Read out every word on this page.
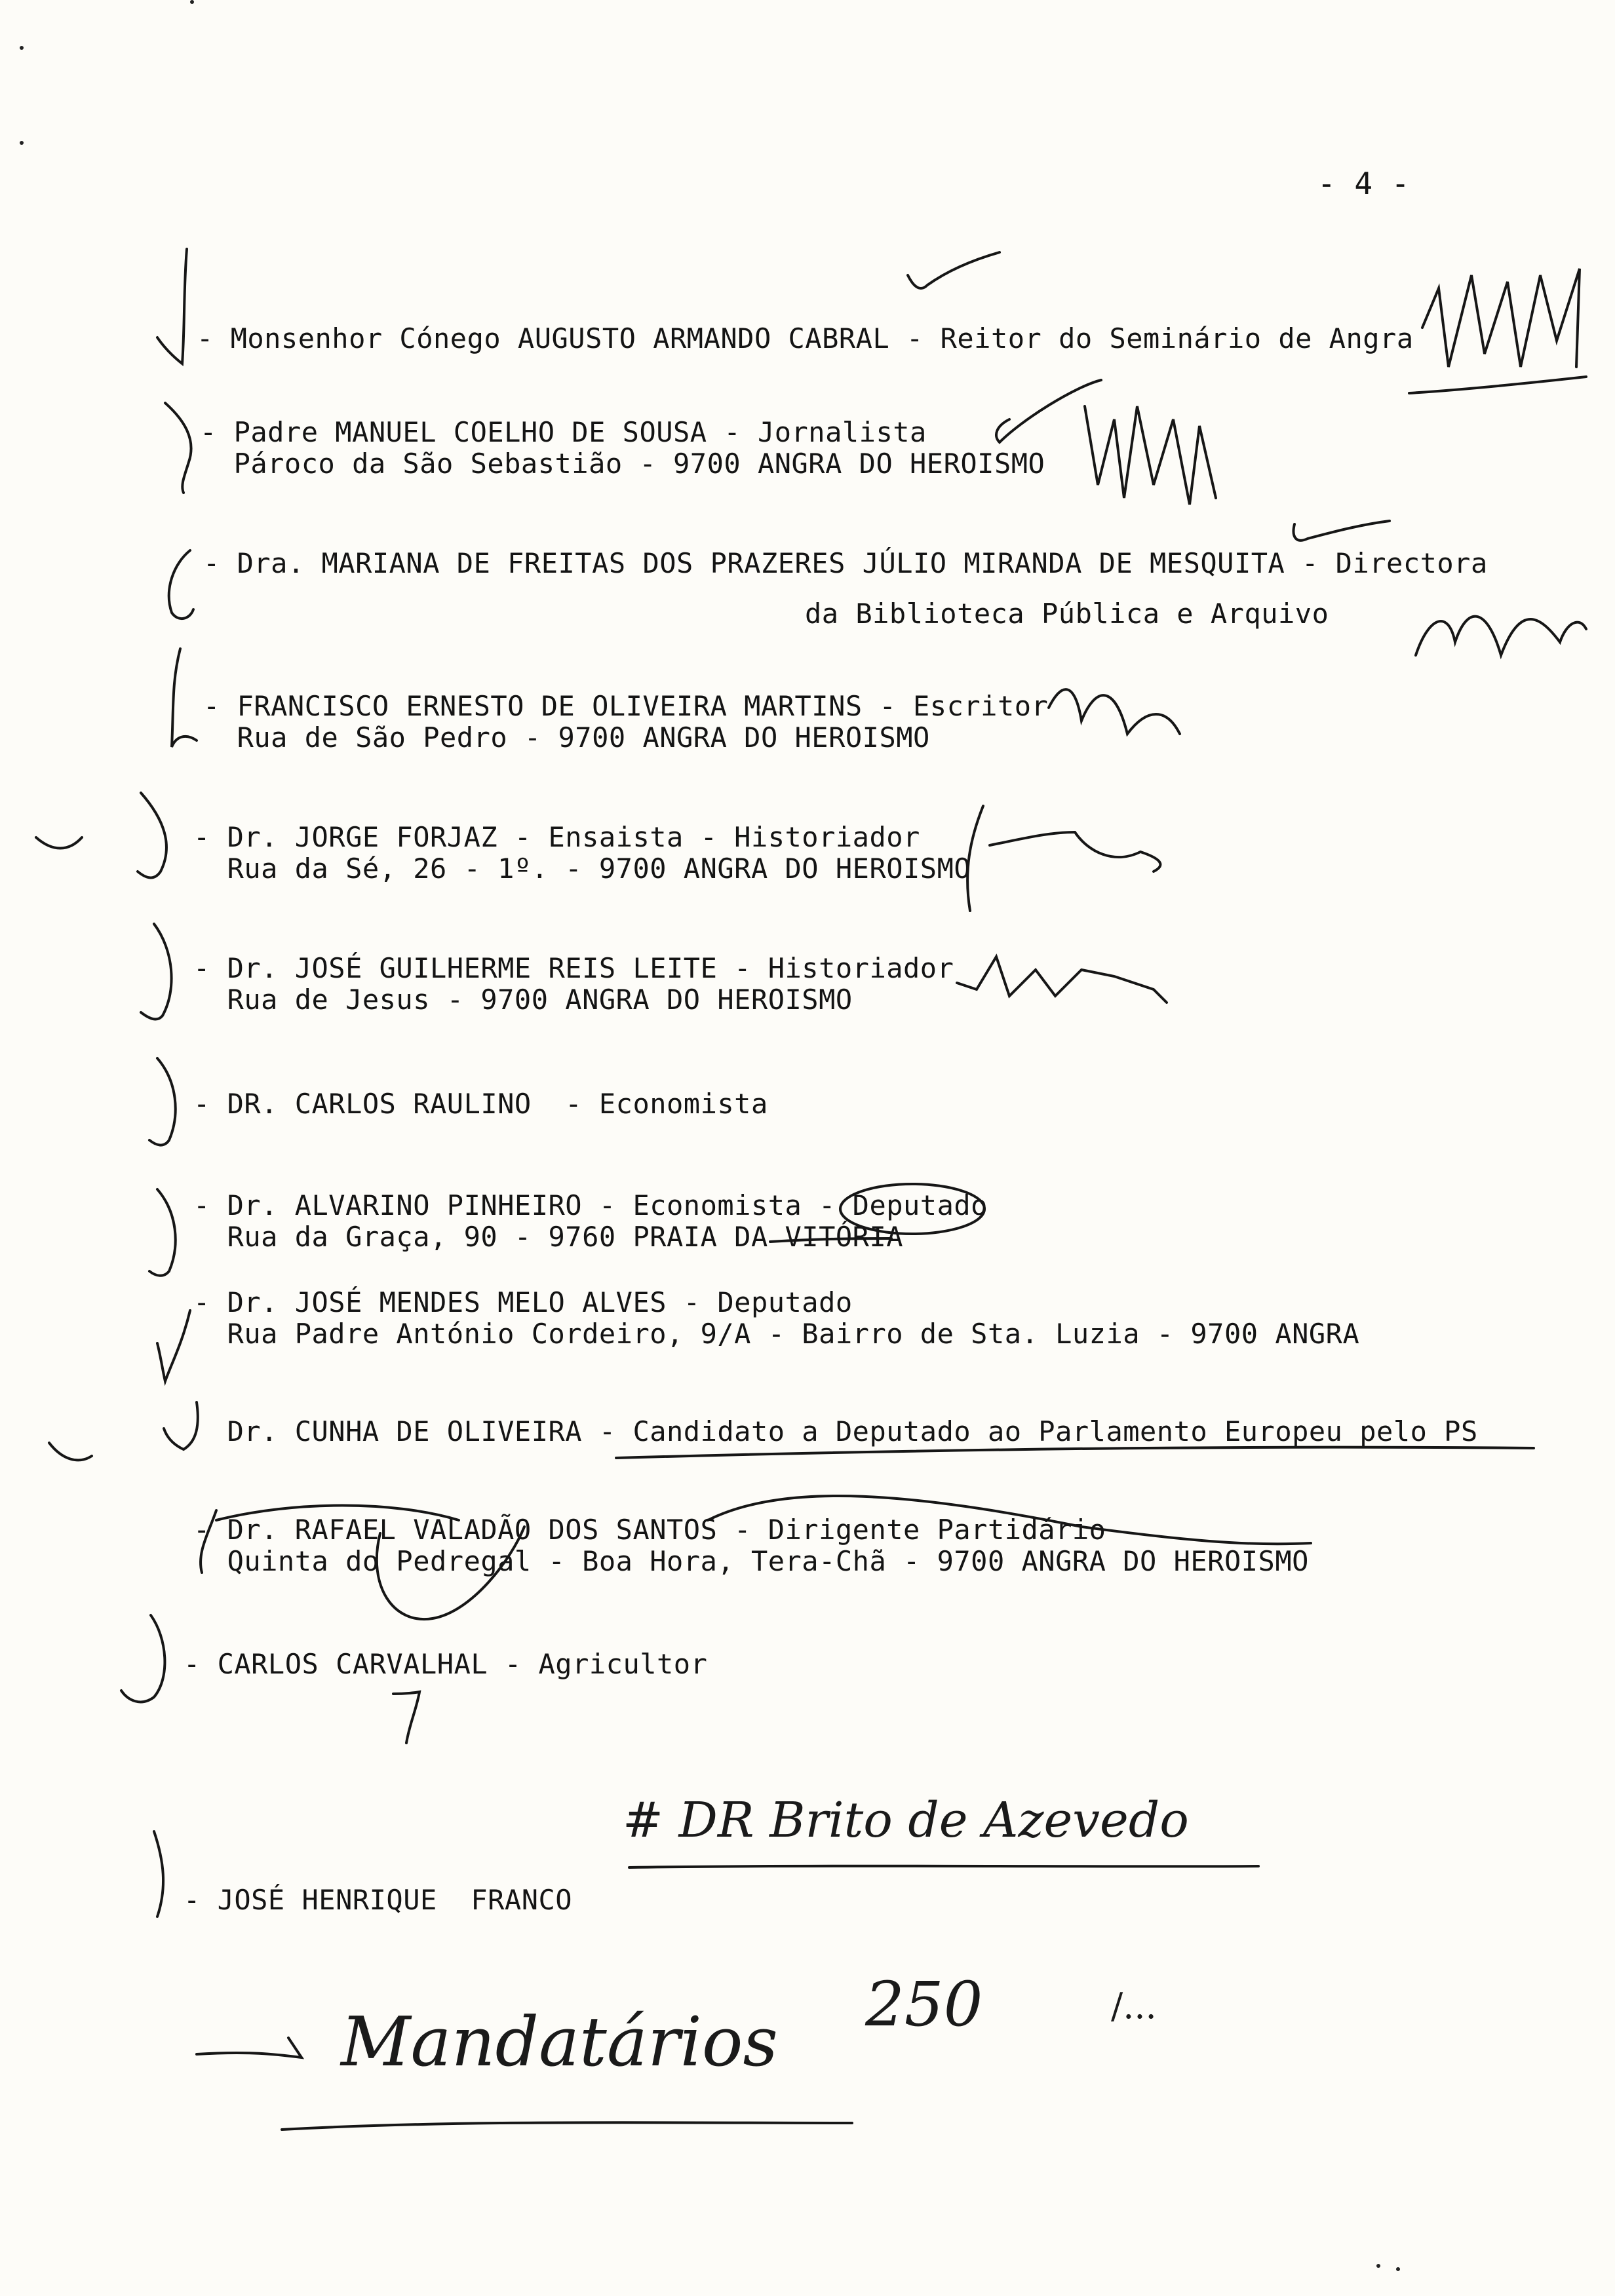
- 4 -
- Monsenhor Cónego AUGUSTO ARMANDO CABRAL - Reitor do Seminário de Angra
- Padre MANUEL COELHO DE SOUSA - Jornalista
Pároco da São Sebastião - 9700 ANGRA DO HEROISMO
- Dra. MARIANA DE FREITAS DOS PRAZERES JÚLIO MIRANDA DE MESQUITA - Directora
da Biblioteca Pública e Arquivo
- FRANCISCO ERNESTO DE OLIVEIRA MARTINS - Escritor
Rua de São Pedro - 9700 ANGRA DO HEROISMO
- Dr. JORGE FORJAZ - Ensaista - Historiador
Rua da Sé, 26 - 1º. - 9700 ANGRA DO HEROISMO
- Dr. JOSÉ GUILHERME REIS LEITE - Historiador
Rua de Jesus - 9700 ANGRA DO HEROISMO
- DR. CARLOS RAULINO  - Economista
- Dr. ALVARINO PINHEIRO - Economista - Deputado
Rua da Graça, 90 - 9760 PRAIA DA VITÓRIA
- Dr. JOSÉ MENDES MELO ALVES - Deputado
Rua Padre António Cordeiro, 9/A - Bairro de Sta. Luzia - 9700 ANGRA
Dr. CUNHA DE OLIVEIRA - Candidato a Deputado ao Parlamento Europeu pelo PS
- Dr. RAFAEL VALADÃO DOS SANTOS - Dirigente Partidário
Quinta do Pedregal - Boa Hora, Tera-Chã - 9700 ANGRA DO HEROISMO
- CARLOS CARVALHAL - Agricultor
- JOSÉ HENRIQUE  FRANCO
# DR Brito de Azevedo
Mandatários 250	/...
